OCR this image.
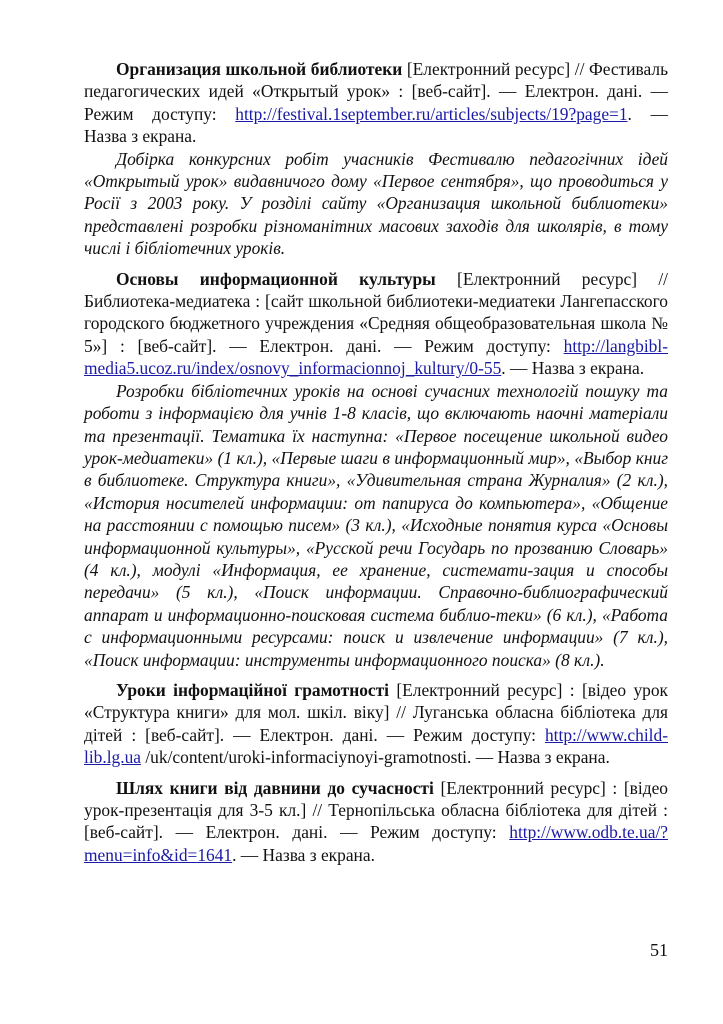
Организация школьной библиотеки [Електронний ресурс] // Фестиваль педагогических идей «Открытый урок» : [веб-сайт]. — Електрон. дані. — Режим доступу: http://festival.1september.ru/articles/subjects/19?page=1. — Назва з екрана.

Добірка конкурсних робіт учасників Фестивалю педагогічних ідей «Открытый урок» видавничого дому «Первое сентября», що проводиться у Росії з 2003 року. У розділі сайту «Организация школьной библиотеки» представлені розробки різноманітних масових заходів для школярів, в тому числі і бібліотечних уроків.

Основы информационной культуры [Електронний ресурс] // Библиотека-медиатека : [сайт школьной библиотеки-медиатеки Лангепасского городского бюджетного учреждения «Средняя общеобразовательная школа № 5»] : [веб-сайт]. — Електрон. дані. — Режим доступу: http://langbibl-media5.ucoz.ru/index/osnovy_informacionnoj_kultury/0-55. — Назва з екрана.

Розробки бібліотечних уроків на основі сучасних технологій пошуку та роботи з інформацією для учнів 1-8 класів, що включають наочні матеріали та презентації. Тематика їх наступна: «Первое посещение школьной видео урок-медиатеки» (1 кл.), «Первые шаги в информационный мир», «Выбор книг в библиотеке. Структура книги», «Удивительная страна Журналия» (2 кл.), «История носителей информации: от папируса до компьютера», «Общение на расстоянии с помощью писем» (3 кл.), «Исходные понятия курса «Основы информационной культуры», «Русской речи Государь по прозванию Словарь» (4 кл.), модулі «Информация, ее хранение, системати-зация и способы передачи» (5 кл.), «Поиск информации. Справочно-библиографический аппарат и информационно-поисковая система библио-теки» (6 кл.), «Работа с информационными ресурсами: поиск и извлечение информации» (7 кл.), «Поиск информации: инструменты информационного поиска» (8 кл.).

Уроки інформаційної грамотності [Електронний ресурс] : [відео урок «Структура книги» для мол. шкіл. віку] // Луганська обласна бібліотека для дітей : [веб-сайт]. — Електрон. дані. — Режим доступу: http://www.child-lib.lg.ua /uk/content/uroki-informaciynoyi-gramotnosti. — Назва з екрана.

Шлях книги від давнини до сучасності [Електронний ресурс] : [відео урок-презентація для 3-5 кл.] // Тернопільська обласна бібліотека для дітей : [веб-сайт]. — Електрон. дані. — Режим доступу: http://www.odb.te.ua/?menu=info&id=1641. — Назва з екрана.

51
